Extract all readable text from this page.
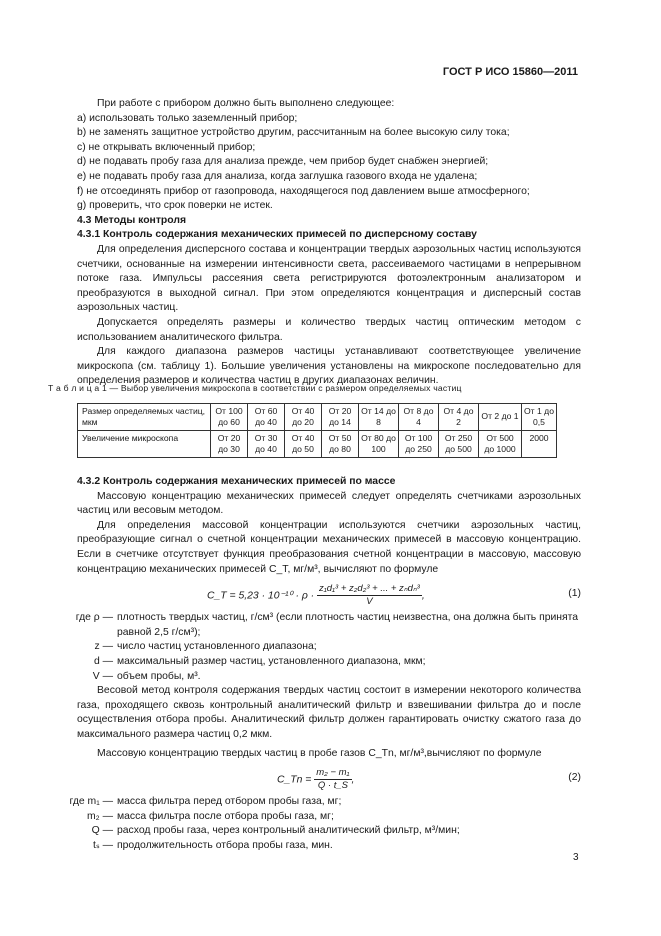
ГОСТ Р ИСО 15860—2011

При работе с прибором должно быть выполнено следующее:

а) использовать только заземленный прибор;

b) не заменять защитное устройство другим, рассчитанным на более высокую силу тока;

с) не открывать включенный прибор;

d) не подавать пробу газа для анализа прежде, чем прибор будет снабжен энергией;

е) не подавать пробу газа для анализа, когда заглушка газового входа не удалена;

f) не отсоединять прибор от газопровода, находящегося под давлением выше атмосферного;

g) проверить, что срок поверки не истек.

4.3 Методы контроля

4.3.1 Контроль содержания механических примесей по дисперсному составу

Для определения дисперсного состава и концентрации твердых аэрозольных частиц используются счетчики, основанные на измерении интенсивности света, рассеиваемого частицами в непрерывном потоке газа. Импульсы рассеяния света регистрируются фотоэлектронным анализатором и преобразуются в выходной сигнал. При этом определяются концентрация и дисперсный состав аэрозольных частиц.

Допускается определять размеры и количество твердых частиц оптическим методом с использованием аналитического фильтра.

Для каждого диапазона размеров частицы устанавливают соответствующее увеличение микроскопа (см. таблицу 1). Большие увеличения установлены на микроскопе последовательно для определения размеров и количества частиц в других диапазонах величин.

Т а б л и ц а 1 — Выбор увеличения микроскопа в соответствии с размером определяемых частиц
Размер определяемых частиц, мкм	От 100 до 60	От 60 до 40	От 40 до 20	От 20 до 14	От 14 до 8	От 8 до 4	От 4 до 2	От 2 до 1	От 1 до 0,5
Увеличение микроскопа	От 20 до 30	От 30 до 40	От 40 до 50	От 50 до 80	От 80 до 100	От 100 до 250	От 250 до 500	От 500 до 1000	2000

4.3.2 Контроль содержания механических примесей по массе

Массовую концентрацию механических примесей следует определять счетчиками аэрозольных частиц или весовым методом.

Для определения массовой концентрации используются счетчики аэрозольных частиц, преобразующие сигнал о счетной концентрации механических примесей в массовую концентрацию. Если в счетчике отсутствует функция преобразования счетной концентрации в массовую, массовую концентрацию механических примесей C_T, мг/м³, вычисляют по формуле

C_T = $5,23 \cdot 10^{-10} \cdot \rho \cdot \frac{\text{z₁d₁³ + z₂d₂³ + ... + zₙdₙ³}}{V}$ ,	(1)
где ρ — плотность твердых частиц, г/см³ (если плотность частиц неизвестна, она должна быть принята равной 2,5 г/см³);
z — число частиц установленного диапазона;
d — максимальный размер частиц, установленного диапазона, мкм;
V — объем пробы, м³.

Весовой метод контроля содержания твердых частиц состоит в измерении некоторого количества газа, проходящего сквозь контрольный аналитический фильтр и взвешивании фильтра до и после осуществления отбора пробы. Аналитический фильтр должен гарантировать очистку сжатого газа до максимального размера частиц 0,2 мкм.

Массовую концентрацию твердых частиц в пробе газов C_Tn, мг/м³,вычисляют по формуле

C_Tn = $\frac{\text{m₂ − m₁}}{Q \cdot t\_S}$ ,	(2)
где m₁ — масса фильтра перед отбором пробы газа, мг;
m₂ — масса фильтра после отбора пробы газа, мг;
Q — расход пробы газа, через контрольный аналитический фильтр, м³/мин;
tₛ — продолжительность отбора пробы газа, мин.
3
